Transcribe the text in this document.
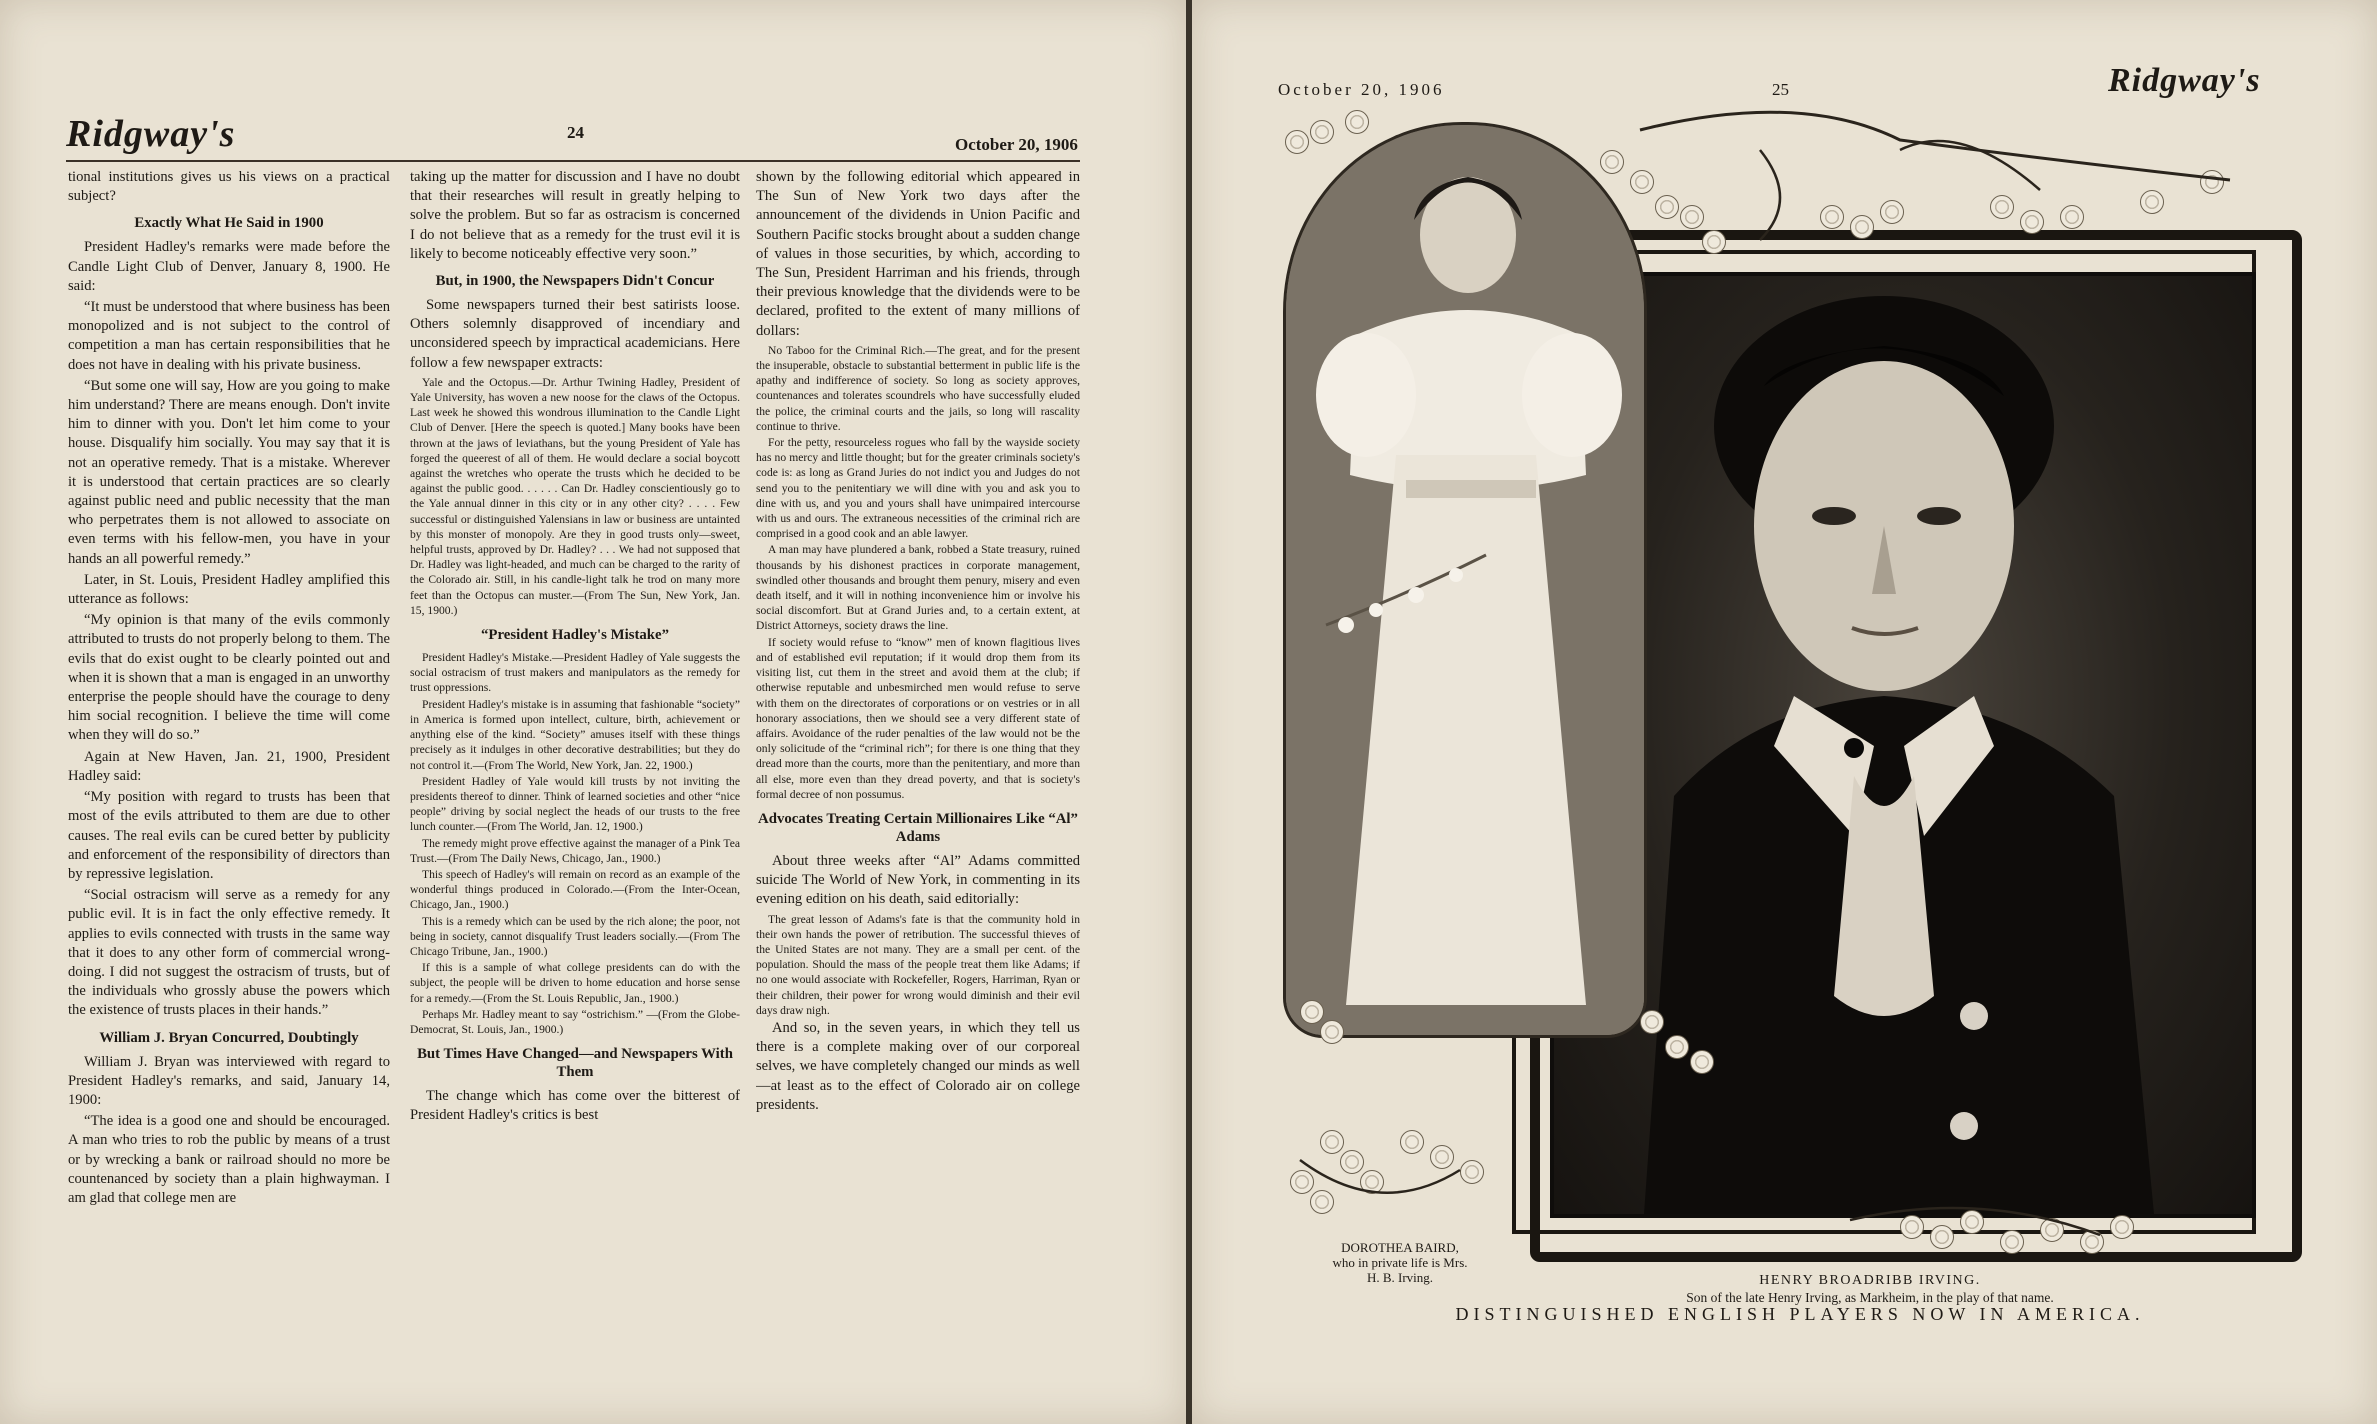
Ridgway's	24
October 20, 1906

tional institutions gives us his views on a practical subject?

Exactly What He Said in 1900

President Hadley's remarks were made before the Candle Light Club of Denver, January 8, 1900. He said:

“It must be understood that where business has been monopolized and is not subject to the control of competition a man has certain responsibilities that he does not have in dealing with his private business.

“But some one will say, How are you going to make him understand? There are means enough. Don't invite him to dinner with you. Don't let him come to your house. Disqualify him socially. You may say that it is not an operative remedy. That is a mistake. Wherever it is understood that certain practices are so clearly against public need and public necessity that the man who perpetrates them is not allowed to associate on even terms with his fellow-men, you have in your hands an all powerful remedy.”

Later, in St. Louis, President Hadley amplified this utterance as follows:

“My opinion is that many of the evils commonly attributed to trusts do not properly belong to them. The evils that do exist ought to be clearly pointed out and when it is shown that a man is engaged in an unworthy enterprise the people should have the courage to deny him social recognition. I believe the time will come when they will do so.”

Again at New Haven, Jan. 21, 1900, President Hadley said:

“My position with regard to trusts has been that most of the evils attributed to them are due to other causes. The real evils can be cured better by publicity and enforcement of the responsibility of directors than by repressive legislation.

“Social ostracism will serve as a remedy for any public evil. It is in fact the only effective remedy. It applies to evils connected with trusts in the same way that it does to any other form of commercial wrong-doing. I did not suggest the ostracism of trusts, but of the individuals who grossly abuse the powers which the existence of trusts places in their hands.”

William J. Bryan Concurred, Doubtingly

William J. Bryan was interviewed with regard to President Hadley's remarks, and said, January 14, 1900:

“The idea is a good one and should be encouraged. A man who tries to rob the public by means of a trust or by wrecking a bank or railroad should no more be countenanced by society than a plain highwayman. I am glad that college men are

taking up the matter for discussion and I have no doubt that their researches will result in greatly helping to solve the problem. But so far as ostracism is concerned I do not believe that as a remedy for the trust evil it is likely to become noticeably effective very soon.”

But, in 1900, the Newspapers Didn't Concur

Some newspapers turned their best satirists loose. Others solemnly disapproved of incendiary and unconsidered speech by impractical academicians. Here follow a few newspaper extracts:

Yale and the Octopus.—Dr. Arthur Twining Hadley, President of Yale University, has woven a new noose for the claws of the Octopus. Last week he showed this wondrous illumination to the Candle Light Club of Denver. [Here the speech is quoted.] Many books have been thrown at the jaws of leviathans, but the young President of Yale has forged the queerest of all of them. He would declare a social boycott against the wretches who operate the trusts which he decided to be against the public good. . . . . . Can Dr. Hadley conscientiously go to the Yale annual dinner in this city or in any other city? . . . . Few successful or distinguished Yalensians in law or business are untainted by this monster of monopoly. Are they in good trusts only—sweet, helpful trusts, approved by Dr. Hadley? . . . We had not supposed that Dr. Hadley was light-headed, and much can be charged to the rarity of the Colorado air. Still, in his candle-light talk he trod on many more feet than the Octopus can muster.—(From The Sun, New York, Jan. 15, 1900.)

“President Hadley's Mistake”

President Hadley's Mistake.—President Hadley of Yale suggests the social ostracism of trust makers and manipulators as the remedy for trust oppressions.

President Hadley's mistake is in assuming that fashionable “society” in America is formed upon intellect, culture, birth, achievement or anything else of the kind. “Society” amuses itself with these things precisely as it indulges in other decorative destrabilities; but they do not control it.—(From The World, New York, Jan. 22, 1900.)

President Hadley of Yale would kill trusts by not inviting the presidents thereof to dinner. Think of learned societies and other “nice people” driving by social neglect the heads of our trusts to the free lunch counter.—(From The World, Jan. 12, 1900.)

The remedy might prove effective against the manager of a Pink Tea Trust.—(From The Daily News, Chicago, Jan., 1900.)

This speech of Hadley's will remain on record as an example of the wonderful things produced in Colorado.—(From the Inter-Ocean, Chicago, Jan., 1900.)

This is a remedy which can be used by the rich alone; the poor, not being in society, cannot disqualify Trust leaders socially.—(From The Chicago Tribune, Jan., 1900.)

If this is a sample of what college presidents can do with the subject, the people will be driven to home education and horse sense for a remedy.—(From the St. Louis Republic, Jan., 1900.)

Perhaps Mr. Hadley meant to say “ostrichism.” —(From the Globe-Democrat, St. Louis, Jan., 1900.)

But Times Have Changed—and Newspapers With Them

The change which has come over the bitterest of President Hadley's critics is best

shown by the following editorial which appeared in The Sun of New York two days after the announcement of the dividends in Union Pacific and Southern Pacific stocks brought about a sudden change of values in those securities, by which, according to The Sun, President Harriman and his friends, through their previous knowledge that the dividends were to be declared, profited to the extent of many millions of dollars:

No Taboo for the Criminal Rich.—The great, and for the present the insuperable, obstacle to substantial betterment in public life is the apathy and indifference of society. So long as society approves, countenances and tolerates scoundrels who have successfully eluded the police, the criminal courts and the jails, so long will rascality continue to thrive.

For the petty, resourceless rogues who fall by the wayside society has no mercy and little thought; but for the greater criminals society's code is: as long as Grand Juries do not indict you and Judges do not send you to the penitentiary we will dine with you and ask you to dine with us, and you and yours shall have unimpaired intercourse with us and ours. The extraneous necessities of the criminal rich are comprised in a good cook and an able lawyer.

A man may have plundered a bank, robbed a State treasury, ruined thousands by his dishonest practices in corporate management, swindled other thousands and brought them penury, misery and even death itself, and it will in nothing inconvenience him or involve his social discomfort. But at Grand Juries and, to a certain extent, at District Attorneys, society draws the line.

If society would refuse to “know” men of known flagitious lives and of established evil reputation; if it would drop them from its visiting list, cut them in the street and avoid them at the club; if otherwise reputable and unbesmirched men would refuse to serve with them on the directorates of corporations or on vestries or in all honorary associations, then we should see a very different state of affairs. Avoidance of the ruder penalties of the law would not be the only solicitude of the “criminal rich”; for there is one thing that they dread more than the courts, more than the penitentiary, and more than all else, more even than they dread poverty, and that is society's formal decree of non possumus.

Advocates Treating Certain Millionaires Like “Al” Adams

About three weeks after “Al” Adams committed suicide The World of New York, in commenting in its evening edition on his death, said editorially:

The great lesson of Adams's fate is that the community hold in their own hands the power of retribution. The successful thieves of the United States are not many. They are a small per cent. of the population. Should the mass of the people treat them like Adams; if no one would associate with Rockefeller, Rogers, Harriman, Ryan or their children, their power for wrong would diminish and their evil days draw nigh.

And so, in the seven years, in which they tell us there is a complete making over of our corporeal selves, we have completely changed our minds as well—at least as to the effect of Colorado air on college presidents.

October 20, 1906	25	Ridgway's
DOROTHEA BAIRD,
who in private life is Mrs.
H. B. Irving.	HENRY BROADRIBB IRVING.
Son of the late Henry Irving, as Markheim, in the play of that name.
DISTINGUISHED ENGLISH PLAYERS NOW IN AMERICA.
